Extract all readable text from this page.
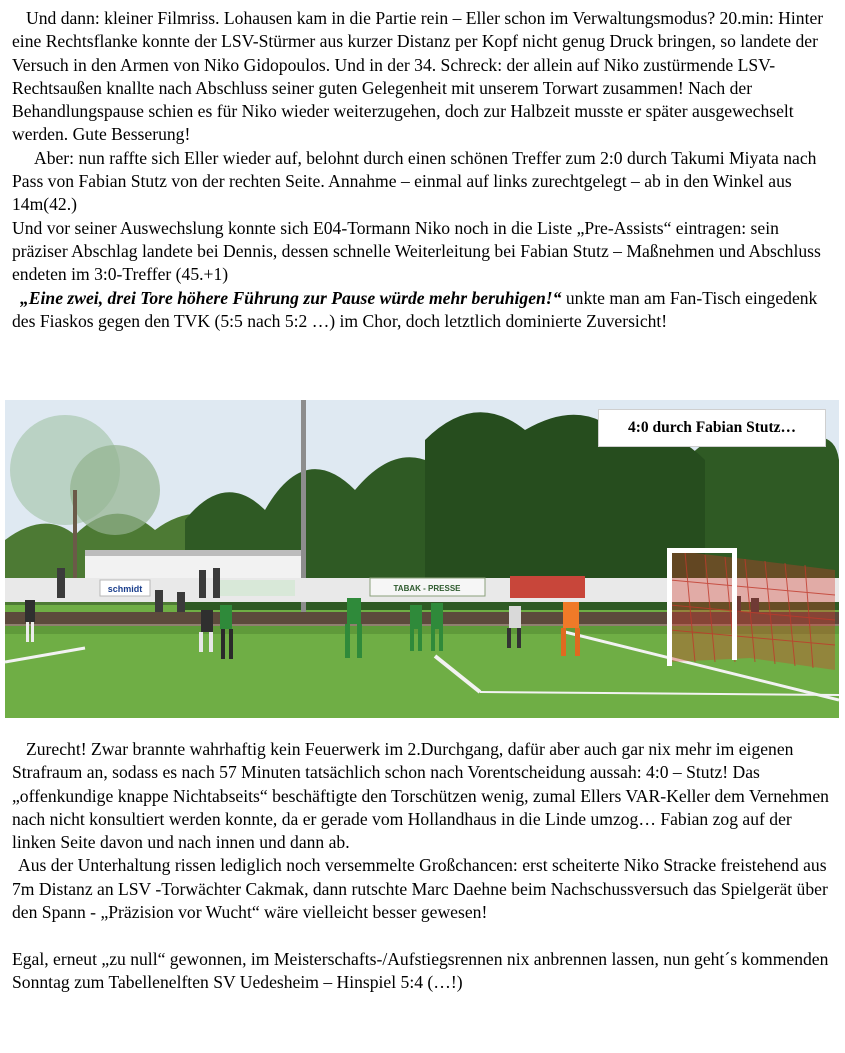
Und dann: kleiner Filmriss. Lohausen kam in die Partie rein – Eller schon im Verwaltungsmodus? 20.min: Hinter eine Rechtsflanke konnte der LSV-Stürmer aus kurzer Distanz per Kopf nicht genug Druck bringen, so landete der Versuch in den Armen von Niko Gidopoulos. Und in der 34. Schreck: der allein auf Niko zustürmende LSV-Rechtsaußen knallte nach Abschluss seiner guten Gelegenheit mit unserem Torwart zusammen! Nach der Behandlungspause schien es für Niko wieder weiterzugehen, doch zur Halbzeit musste er später ausgewechselt werden. Gute Besserung!

Aber: nun raffte sich Eller wieder auf, belohnt durch einen schönen Treffer zum 2:0 durch Takumi Miyata nach Pass von Fabian Stutz von der rechten Seite. Annahme – einmal auf links zurechtgelegt – ab in den Winkel aus 14m(42.)

Und vor seiner Auswechslung konnte sich E04-Tormann Niko noch in die Liste „Pre-Assists“ eintragen: sein präziser Abschlag landete bei Dennis, dessen schnelle Weiterleitung bei Fabian Stutz – Maßnehmen und Abschluss endeten im 3:0-Treffer (45.+1)

„Eine zwei, drei Tore höhere Führung zur Pause würde mehr beruhigen!“ unkte man am Fan-Tisch eingedenk des Fiaskos gegen den TVK (5:5 nach 5:2 …) im Chor, doch letztlich dominierte Zuversicht!

schmidt	TABAK - PRESSE
4:0 durch Fabian Stutz…

Zurecht! Zwar brannte wahrhaftig kein Feuerwerk im 2.Durchgang, dafür aber auch gar nix mehr im eigenen Strafraum an, sodass es nach 57 Minuten tatsächlich schon nach Vorentscheidung aussah: 4:0 – Stutz! Das „offenkundige knappe Nichtabseits“ beschäftigte den Torschützen wenig, zumal Ellers VAR-Keller dem Vernehmen nach nicht konsultiert werden konnte, da er gerade vom Hollandhaus in die Linde umzog… Fabian zog auf der linken Seite davon und nach innen und dann ab.

Aus der Unterhaltung rissen lediglich noch versemmelte Großchancen: erst scheiterte Niko Stracke freistehend aus 7m Distanz an LSV -Torwächter Cakmak, dann rutschte Marc Daehne beim Nachschussversuch das Spielgerät über den Spann - „Präzision vor Wucht“ wäre vielleicht besser gewesen!

Egal, erneut „zu null“ gewonnen, im Meisterschafts-/Aufstiegsrennen nix anbrennen lassen, nun geht´s kommenden Sonntag zum Tabellenelften SV Uedesheim – Hinspiel 5:4 (…!)
